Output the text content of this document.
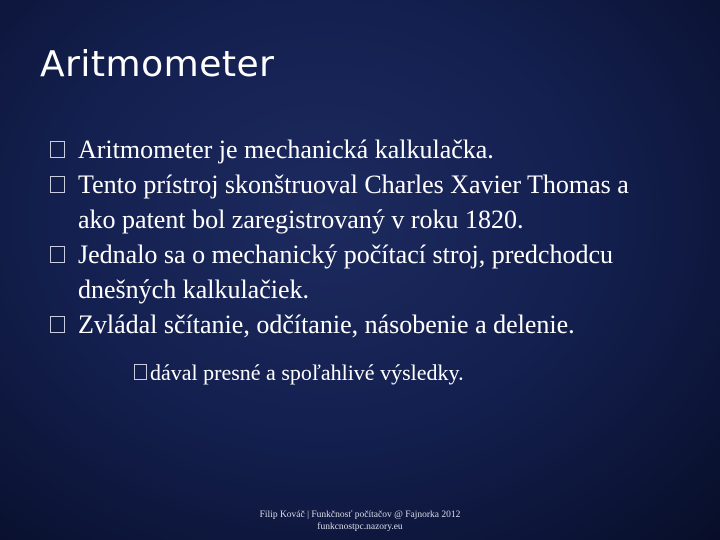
Aritmometer

Aritmometer je mechanická kalkulačka.

Tento prístroj skonštruoval Charles Xavier Thomas a ako patent bol zaregistrovaný v roku 1820.

Jednalo sa o mechanický počítací stroj, predchodcu dnešných kalkulačiek.

Zvládal sčítanie, odčítanie, násobenie a delenie.

dával presné a spoľahlivé výsledky.

Filip Kováč | Funkčnosť počítačov @ Fajnorka 2012
funkcnostpc.nazory.eu
